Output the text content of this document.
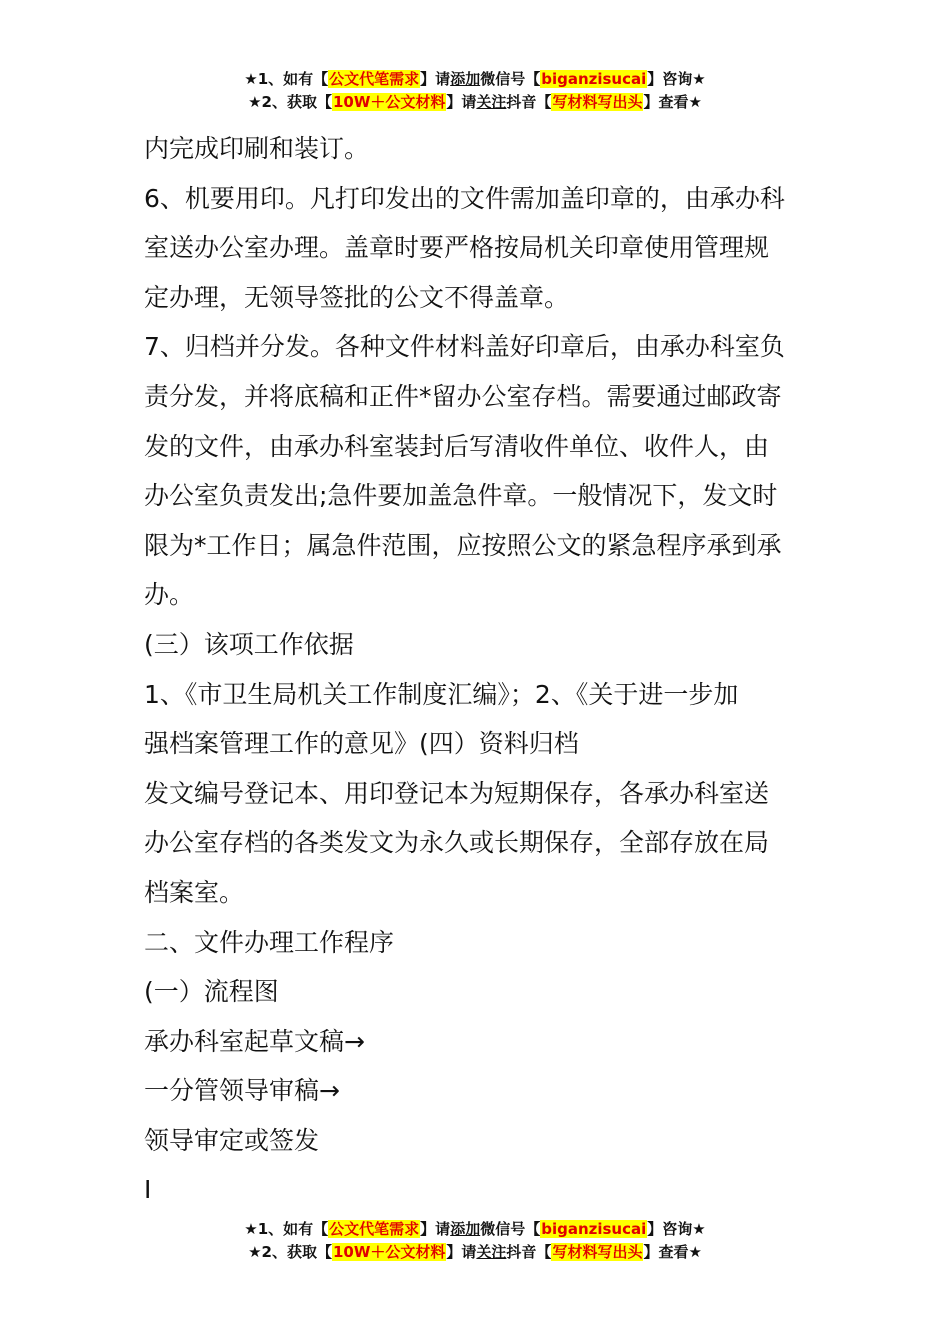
★1、如有【公文代笔需求】请添加微信号【biganzisucai】咨询★
★2、获取【10W＋公文材料】请关注抖音【写材料写出头】查看★

内完成印刷和装订。

6、机要用印。凡打印发出的文件需加盖印章的，由承办科

室送办公室办理。盖章时要严格按局机关印章使用管理规

定办理，无领导签批的公文不得盖章。

7、归档并分发。各种文件材料盖好印章后，由承办科室负

责分发，并将底稿和正件*留办公室存档。需要通过邮政寄

发的文件，由承办科室装封后写清收件单位、收件人，由

办公室负责发出;急件要加盖急件章。一般情况下，发文时

限为*工作日；属急件范围，应按照公文的紧急程序承到承

办。

(三）该项工作依据

1、《市卫生局机关工作制度汇编》；2、《关于进一步加

强档案管理工作的意见》(四）资料归档

发文编号登记本、用印登记本为短期保存，各承办科室送

办公室存档的各类发文为永久或长期保存，全部存放在局

档案室。

二、文件办理工作程序

(一）流程图

承办科室起草文稿→

一分管领导审稿→

领导审定或签发

I

★1、如有【公文代笔需求】请添加微信号【biganzisucai】咨询★
★2、获取【10W＋公文材料】请关注抖音【写材料写出头】查看★
